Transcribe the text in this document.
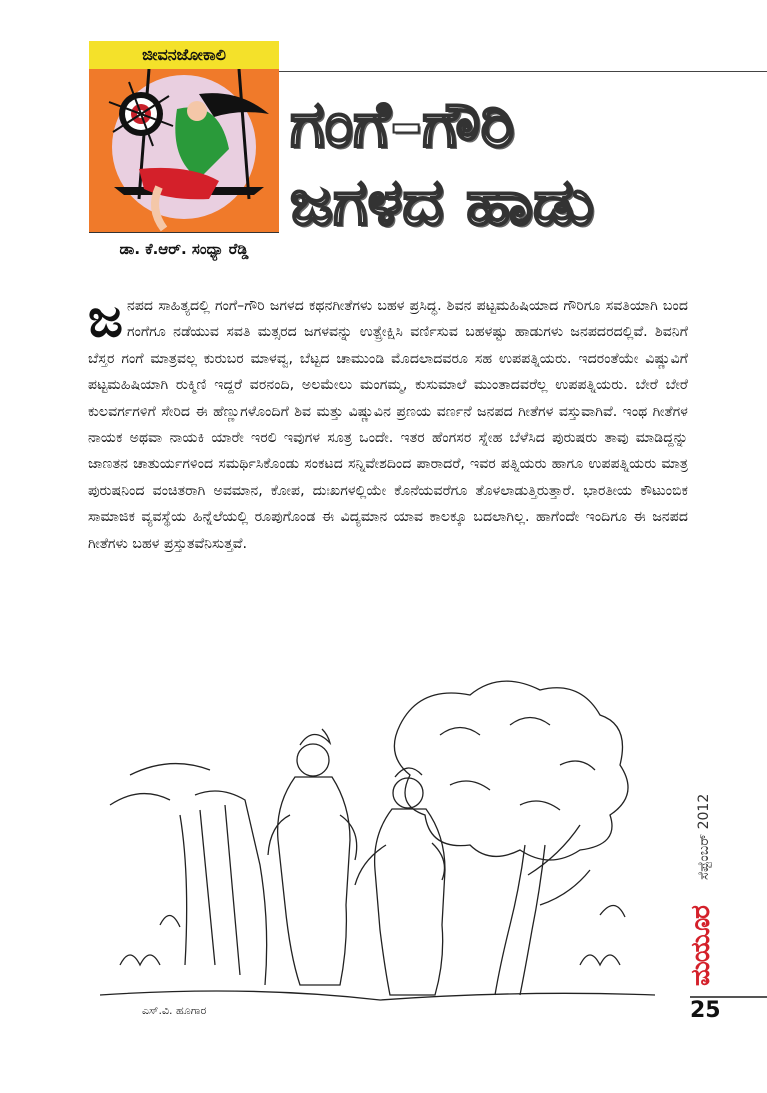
ಜೀವನಜೋಕಾಲಿ
ಡಾ. ಕೆ.ಆರ್. ಸಂಧ್ಯಾ ರೆಡ್ಡಿ
ಗಂಗೆ–ಗೌರಿ
ಜಗಳದ ಹಾಡು
ಜನಪದ ಸಾಹಿತ್ಯದಲ್ಲಿ ಗಂಗೆ–ಗೌರಿ ಜಗಳದ ಕಥನಗೀತೆಗಳು ಬಹಳ ಪ್ರಸಿದ್ಧ. ಶಿವನ ಪಟ್ಟಮಹಿಷಿಯಾದ ಗೌರಿಗೂ ಸವತಿಯಾಗಿ ಬಂದ ಗಂಗೆಗೂ ನಡೆಯುವ ಸವತಿ ಮತ್ಸರದ ಜಗಳವನ್ನು ಉತ್ಪ್ರೇಕ್ಷಿಸಿ ವರ್ಣಿಸುವ ಬಹಳಷ್ಟು ಹಾಡುಗಳು ಜನಪದರದಲ್ಲಿವೆ. ಶಿವನಿಗೆ ಬೆಸ್ತರ ಗಂಗೆ ಮಾತ್ರವಲ್ಲ ಕುರುಬರ ಮಾಳವ್ವ, ಬೆಟ್ಟದ ಚಾಮುಂಡಿ ಮೊದಲಾದವರೂ ಸಹ ಉಪಪತ್ನಿಯರು. ಇದರಂತೆಯೇ ವಿಷ್ಣುವಿಗೆ ಪಟ್ಟಮಹಿಷಿಯಾಗಿ ರುಕ್ಮಿಣಿ ಇದ್ದರೆ ವರನಂದಿ, ಅಲಮೇಲು ಮಂಗಮ್ಮ, ಕುಸುಮಾಲೆ ಮುಂತಾದವರೆಲ್ಲ ಉಪಪತ್ನಿಯರು. ಬೇರೆ ಬೇರೆ ಕುಲವರ್ಗಗಳಿಗೆ ಸೇರಿದ ಈ ಹೆಣ್ಣುಗಳೊಂದಿಗೆ ಶಿವ ಮತ್ತು ವಿಷ್ಣುವಿನ ಪ್ರಣಯ ವರ್ಣನೆ ಜನಪದ ಗೀತೆಗಳ ವಸ್ತುವಾಗಿವೆ. ಇಂಥ ಗೀತೆಗಳ ನಾಯಕ ಅಥವಾ ನಾಯಕಿ ಯಾರೇ ಇರಲಿ ಇವುಗಳ ಸೂತ್ರ ಒಂದೇ. ಇತರ ಹೆಂಗಸರ ಸ್ನೇಹ ಬೆಳೆಸಿದ ಪುರುಷರು ತಾವು ಮಾಡಿದ್ದನ್ನು ಜಾಣತನ ಚಾತುರ್ಯಗಳಿಂದ ಸಮರ್ಥಿಸಿಕೊಂಡು ಸಂಕಟದ ಸನ್ನಿವೇಶದಿಂದ ಪಾರಾದರೆ, ಇವರ ಪತ್ನಿಯರು ಹಾಗೂ ಉಪಪತ್ನಿಯರು ಮಾತ್ರ ಪುರುಷನಿಂದ ವಂಚಿತರಾಗಿ ಅವಮಾನ, ಕೋಪ, ದುಃಖಗಳಲ್ಲಿಯೇ ಕೊನೆಯವರೆಗೂ ತೊಳಲಾಡುತ್ತಿರುತ್ತಾರೆ. ಭಾರತೀಯ ಕೌಟುಂಬಿಕ ಸಾಮಾಜಿಕ ವ್ಯವಸ್ಥೆಯ ಹಿನ್ನೆಲೆಯಲ್ಲಿ ರೂಪುಗೊಂಡ ಈ ವಿದ್ಯಮಾನ ಯಾವ ಕಾಲಕ್ಕೂ ಬದಲಾಗಿಲ್ಲ. ಹಾಗೆಂದೇ ಇಂದಿಗೂ ಈ ಜನಪದ ಗೀತೆಗಳು ಬಹಳ ಪ್ರಸ್ತುತವೆನಿಸುತ್ತವೆ.
ಎಸ್.ವಿ. ಹೂಗಾರ
ಸೆಪ್ಟೆಂಬರ್ 2012
ಮಯೂರ
25
